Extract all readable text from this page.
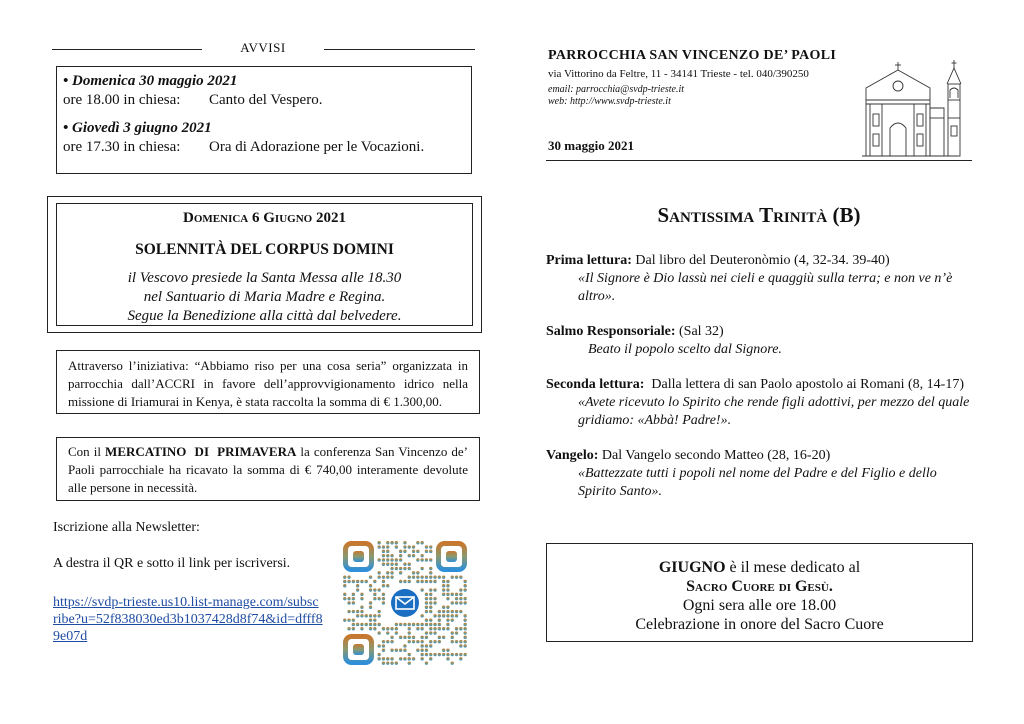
AVVISI
• Domenica 30 maggio 2021
ore 18.00 in chiesa:	Canto del Vespero.
• Giovedì 3 giugno 2021
ore 17.30 in chiesa:	Ora di Adorazione per le Vocazioni.
Domenica 6 Giugno 2021
SOLENNITÀ DEL CORPUS DOMINI
il Vescovo presiede la Santa Messa alle 18.30
nel Santuario di Maria Madre e Regina.
Segue la Benedizione alla città dal belvedere.
Attraverso l’iniziativa: “Abbiamo riso per una cosa seria” organizzata in parrocchia dall’ACCRI in favore dell’approvvigionamento idrico nella missione di Iriamurai in Kenya, è stata raccolta la somma di € 1.300,00.
Con il MERCATINO  DI  PRIMAVERA la conferenza San Vincenzo de’ Paoli parrocchiale ha ricavato la somma di € 740,00 interamente devolute alle persone in necessità.
Iscrizione alla Newsletter:
A destra il QR e sotto il link per iscriversi.
https://svdp-trieste.us10.list-manage.com/subscribe?u=52f838030ed3b1037428d8f74&id=dfff89e07d
PARROCCHIA SAN VINCENZO DE’ PAOLI
via Vittorino da Feltre, 11 - 34141 Trieste - tel. 040/390250
email: parrocchia@svdp-trieste.it
web: http://www.svdp-trieste.it
30 maggio 2021
Santissima Trinità (B)
Prima lettura: Dal libro del Deuteronòmio (4, 32-34. 39-40)
«Il Signore è Dio lassù nei cieli e quaggiù sulla terra; e non ve n’è altro».
Salmo Responsoriale: (Sal 32)
Beato il popolo scelto dal Signore.
Seconda lettura:  Dalla lettera di san Paolo apostolo ai Romani (8, 14-17)
«Avete ricevuto lo Spirito che rende figli adottivi, per mezzo del quale gridiamo: «Abbà! Padre!».
Vangelo: Dal Vangelo secondo Matteo (28, 16-20)
«Battezzate tutti i popoli nel nome del Padre e del Figlio e dello Spirito Santo».
GIUGNO è il mese dedicato al
Sacro Cuore di Gesù.
Ogni sera alle ore 18.00
Celebrazione in onore del Sacro Cuore
